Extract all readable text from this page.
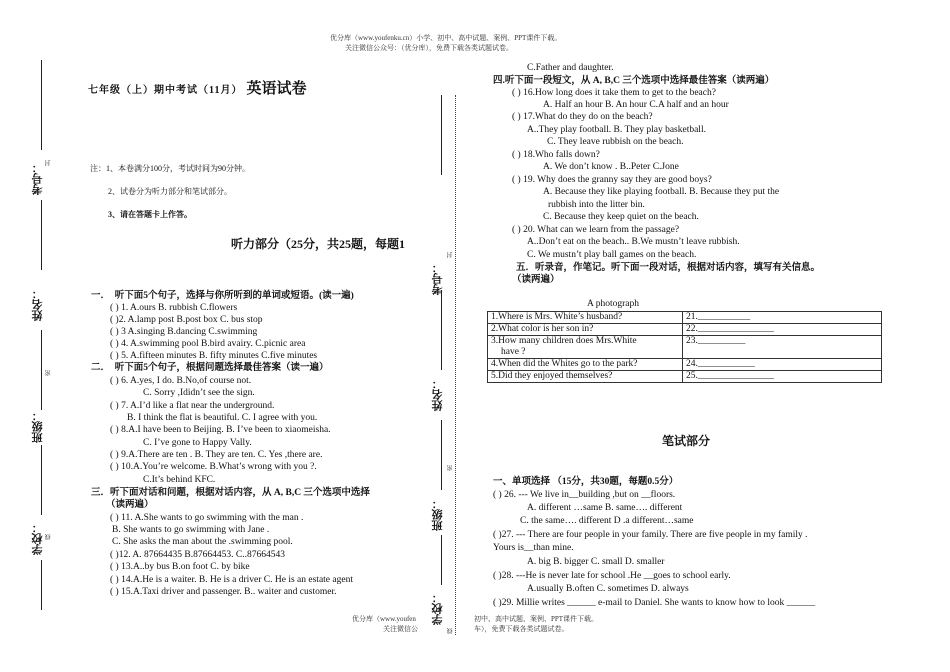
优分库（www.youfenku.cn）小学、初中、高中试题、案例、PPT课件下载。
关注微信公众号：（优分库），免费下载各类试题试卷。
考号： 封
姓名：
密
班级：
学校： 线
考号：
封
姓名：
密
班级：
学校：
线
七年级（上）期中考试（11月） 英语试卷
注：1、本卷满分100分，考试时间为90分钟。
2、试卷分为听力部分和笔试部分。
3、请在答题卡上作答。
听力部分（25分，共25题，每题1
一．　听下面5个句子，选择与你所听到的单词或短语。(读一遍)
( ) 1. A.ours B. rubbish C.flowers
( )2. A.lamp post B.post box C. bus stop
( ) 3 A.singing B.dancing C.swimming
( ) 4. A.swimming pool B.bird avairy. C.picnic area
( ) 5. A.fifteen minutes B. fifty minutes C.five minutes
二．　听下面5个句子，根据问题选择最佳答案（读一遍）
( ) 6. A.yes, I do. B.No,of course not.
C. Sorry ,Ididn’t see the sign.
( ) 7. A.I’d like a flat near the underground.
B. I think the flat is beautiful. C. I agree with you.
( ) 8.A.I have been to Beijing. B. I’ve been to xiaomeisha.
C. I’ve gone to Happy Vally.
( ) 9.A.There are ten . B. They are ten. C. Yes ,there are.
( ) 10.A.You’re welcome. B.What’s wrong with you ?.
C.It’s behind KFC.
三．听下面对话和问题，根据对话内容，从 A, B,C 三个选项中选择
（读两遍）
( ) 11. A.She wants to go swimming with the man .
B. She wants to go swimming with Jane .
C. She asks the man about the .swimming pool.
( )12. A. 87664435 B.87664453. C..87664543
( ) 13.A..by bus B.on foot C. by bike
( ) 14.A.He is a waiter. B. He is a driver C. He is an estate agent
( ) 15.A.Taxi driver and passenger. B.. waiter and customer.
C.Father and daughter.
四.听下面一段短文，从 A, B,C 三个选项中选择最佳答案（读两遍）
( ) 16.How long does it take them to get to the beach?
A. Half an hour B. An hour C.A half and an hour
( ) 17.What do they do on the beach?
A..They play football. B. They play basketball.
C. They leave rubbish on the beach.
( ) 18.Who falls down?
A. We don’t know . B..Peter C.Jone
( ) 19. Why does the granny say they are good boys?
A. Because they like playing football. B. Because they put the
rubbish into the litter bin.
C. Because they keep quiet on the beach.
( ) 20. What can we learn from the passage?
A..Don’t eat on the beach.. B.We mustn’t leave rubbish.
C. We mustn’t play ball games on the beach.
五．听录音，作笔记。听下面一段对话，根据对话内容，填写有关信息。
（读两遍）
A photograph
1.Where is Mrs. White’s husband?	21.___________
2.What color is her son in?	22.________________

3.How many children does Mrs.White
have ?	23.__________
4.When did the Whites go to the park?	24.____________
5.Did they enjoyed themselves?	25.________________
笔试部分
一、单项选择 （15分，共30题，每题0.5分）
( ) 26. --- We live in__building ,but on __floors.
A. different …same B. same…. different
C. the same…. different D .a different…same
( )27. --- There are four people in your family. There are five people in my family .
Yours is__than mine.
A. big B. bigger C. small D. smaller
( )28. ---He is never late for school .He __goes to school early.
A.usually B.often C. sometimes D. always
( )29. Millie writes ______ e-mail to Daniel. She wants to know how to look ______
优分库（www.youfen	初中、高中试题、案例、PPT课件下载。
关注微信公	车），免费下载各类试题试卷。
